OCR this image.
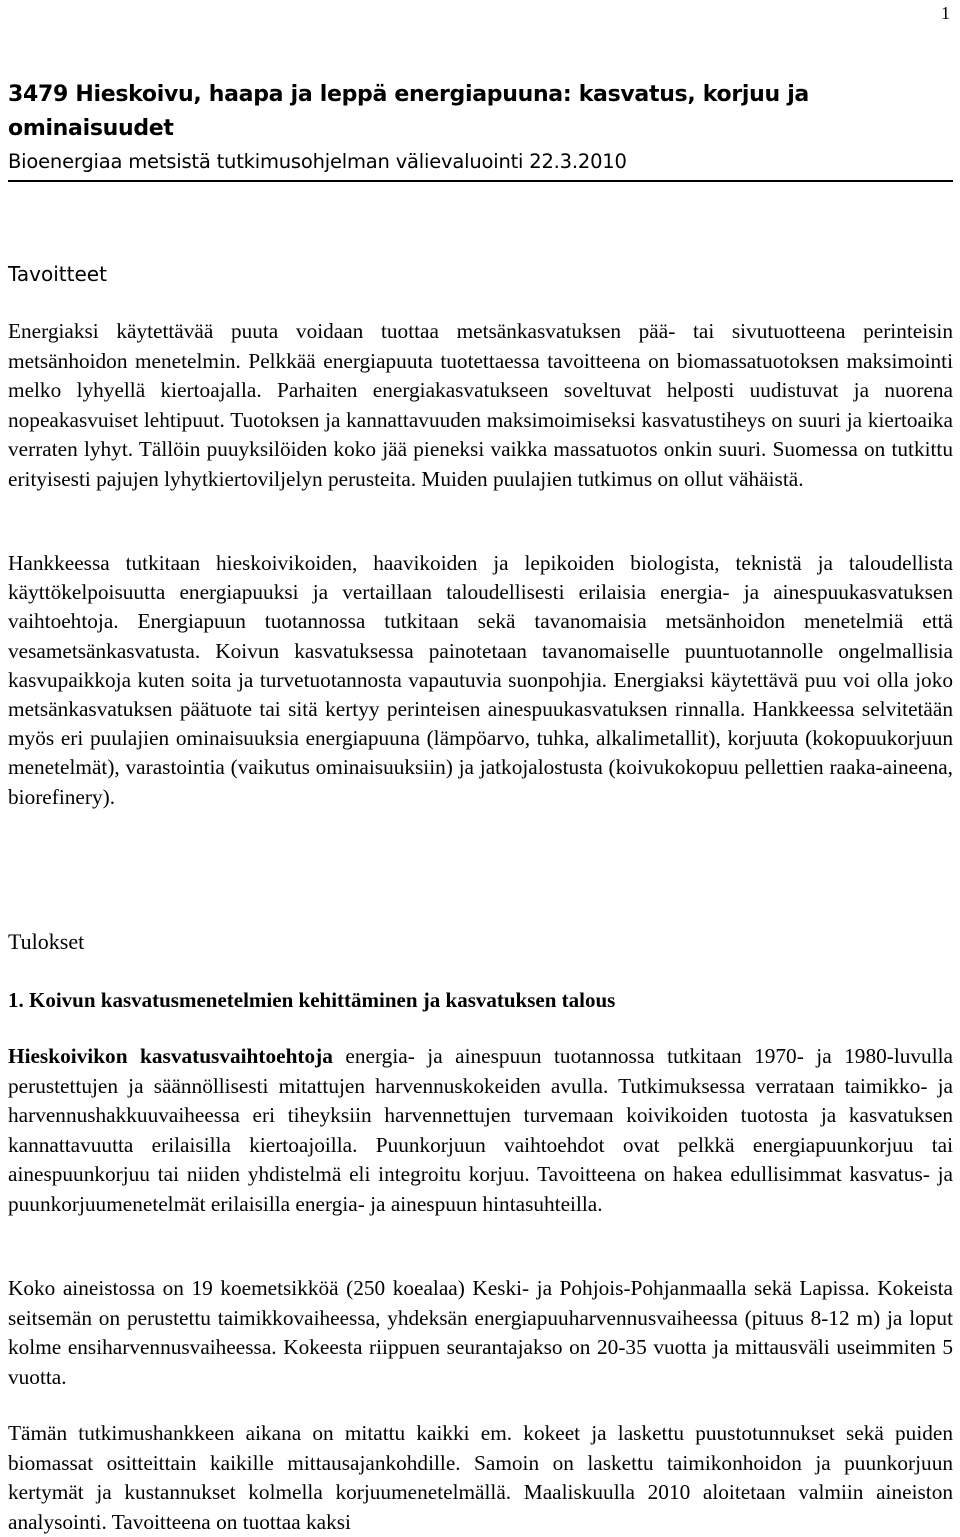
1
3479 Hieskoivu, haapa ja leppä energiapuuna: kasvatus, korjuu ja ominaisuudet
Bioenergiaa metsistä tutkimusohjelman välievaluointi 22.3.2010
Tavoitteet
Energiaksi käytettävää puuta voidaan tuottaa metsänkasvatuksen pää- tai sivutuotteena perinteisin metsänhoidon menetelmin. Pelkkää energiapuuta tuotettaessa tavoitteena on biomassatuotoksen maksimointi melko lyhyellä kiertoajalla. Parhaiten energiakasvatukseen soveltuvat helposti uudistuvat ja nuorena nopeakasvuiset lehtipuut. Tuotoksen ja kannattavuuden maksimoimiseksi kasvatustiheys on suuri ja kiertoaika verraten lyhyt. Tällöin puuyksilöiden koko jää pieneksi vaikka massatuotos onkin suuri. Suomessa on tutkittu erityisesti pajujen lyhytkiertoviljelyn perusteita. Muiden puulajien tutkimus on ollut vähäistä.
Hankkeessa tutkitaan hieskoivikoiden, haavikoiden ja lepikoiden biologista, teknistä ja taloudellista käyttökelpoisuutta energiapuuksi ja vertaillaan taloudellisesti erilaisia energia- ja ainespuukasvatuksen vaihtoehtoja. Energiapuun tuotannossa tutkitaan sekä tavanomaisia metsänhoidon menetelmiä että vesametsänkasvatusta. Koivun kasvatuksessa painotetaan tavanomaiselle puuntuotannolle ongelmallisia kasvupaikkoja kuten soita ja turvetuotannosta vapautuvia suonpohjia. Energiaksi käytettävä puu voi olla joko metsänkasvatuksen päätuote tai sitä kertyy perinteisen ainespuukasvatuksen rinnalla. Hankkeessa selvitetään myös eri puulajien ominaisuuksia energiapuuna (lämpöarvo, tuhka, alkalimetallit), korjuuta (kokopuukorjuun menetelmät), varastointia (vaikutus ominaisuuksiin) ja jatkojalostusta (koivukokopuu pellettien raaka-aineena, biorefinery).
Tulokset
1. Koivun kasvatusmenetelmien kehittäminen ja kasvatuksen talous
Hieskoivikon kasvatusvaihtoehtoja energia- ja ainespuun tuotannossa tutkitaan 1970- ja 1980-luvulla perustettujen ja säännöllisesti mitattujen harvennuskokeiden avulla. Tutkimuksessa verrataan taimikko- ja harvennushakkuuvaiheessa eri tiheyksiin harvennettujen turvemaan koivikoiden tuotosta ja kasvatuksen kannattavuutta erilaisilla kiertoajoilla. Puunkorjuun vaihtoehdot ovat pelkkä energiapuunkorjuu tai ainespuunkorjuu tai niiden yhdistelmä eli integroitu korjuu. Tavoitteena on hakea edullisimmat kasvatus- ja puunkorjuumenetelmät erilaisilla energia- ja ainespuun hintasuhteilla.
Koko aineistossa on 19 koemetsikköä (250 koealaa) Keski- ja Pohjois-Pohjanmaalla sekä Lapissa. Kokeista seitsemän on perustettu taimikkovaiheessa, yhdeksän energiapuuharvennusvaiheessa (pituus 8-12 m) ja loput kolme ensiharvennusvaiheessa. Kokeesta riippuen seurantajakso on 20-35 vuotta ja mittausväli useimmiten 5 vuotta.
Tämän tutkimushankkeen aikana on mitattu kaikki em. kokeet ja laskettu puustotunnukset sekä puiden biomassat ositteittain kaikille mittausajankohdille. Samoin on laskettu taimikonhoidon ja puunkorjuun kertymät ja kustannukset kolmella korjuumenetelmällä. Maaliskuulla 2010 aloitetaan valmiin aineiston analysointi. Tavoitteena on tuottaa kaksi
